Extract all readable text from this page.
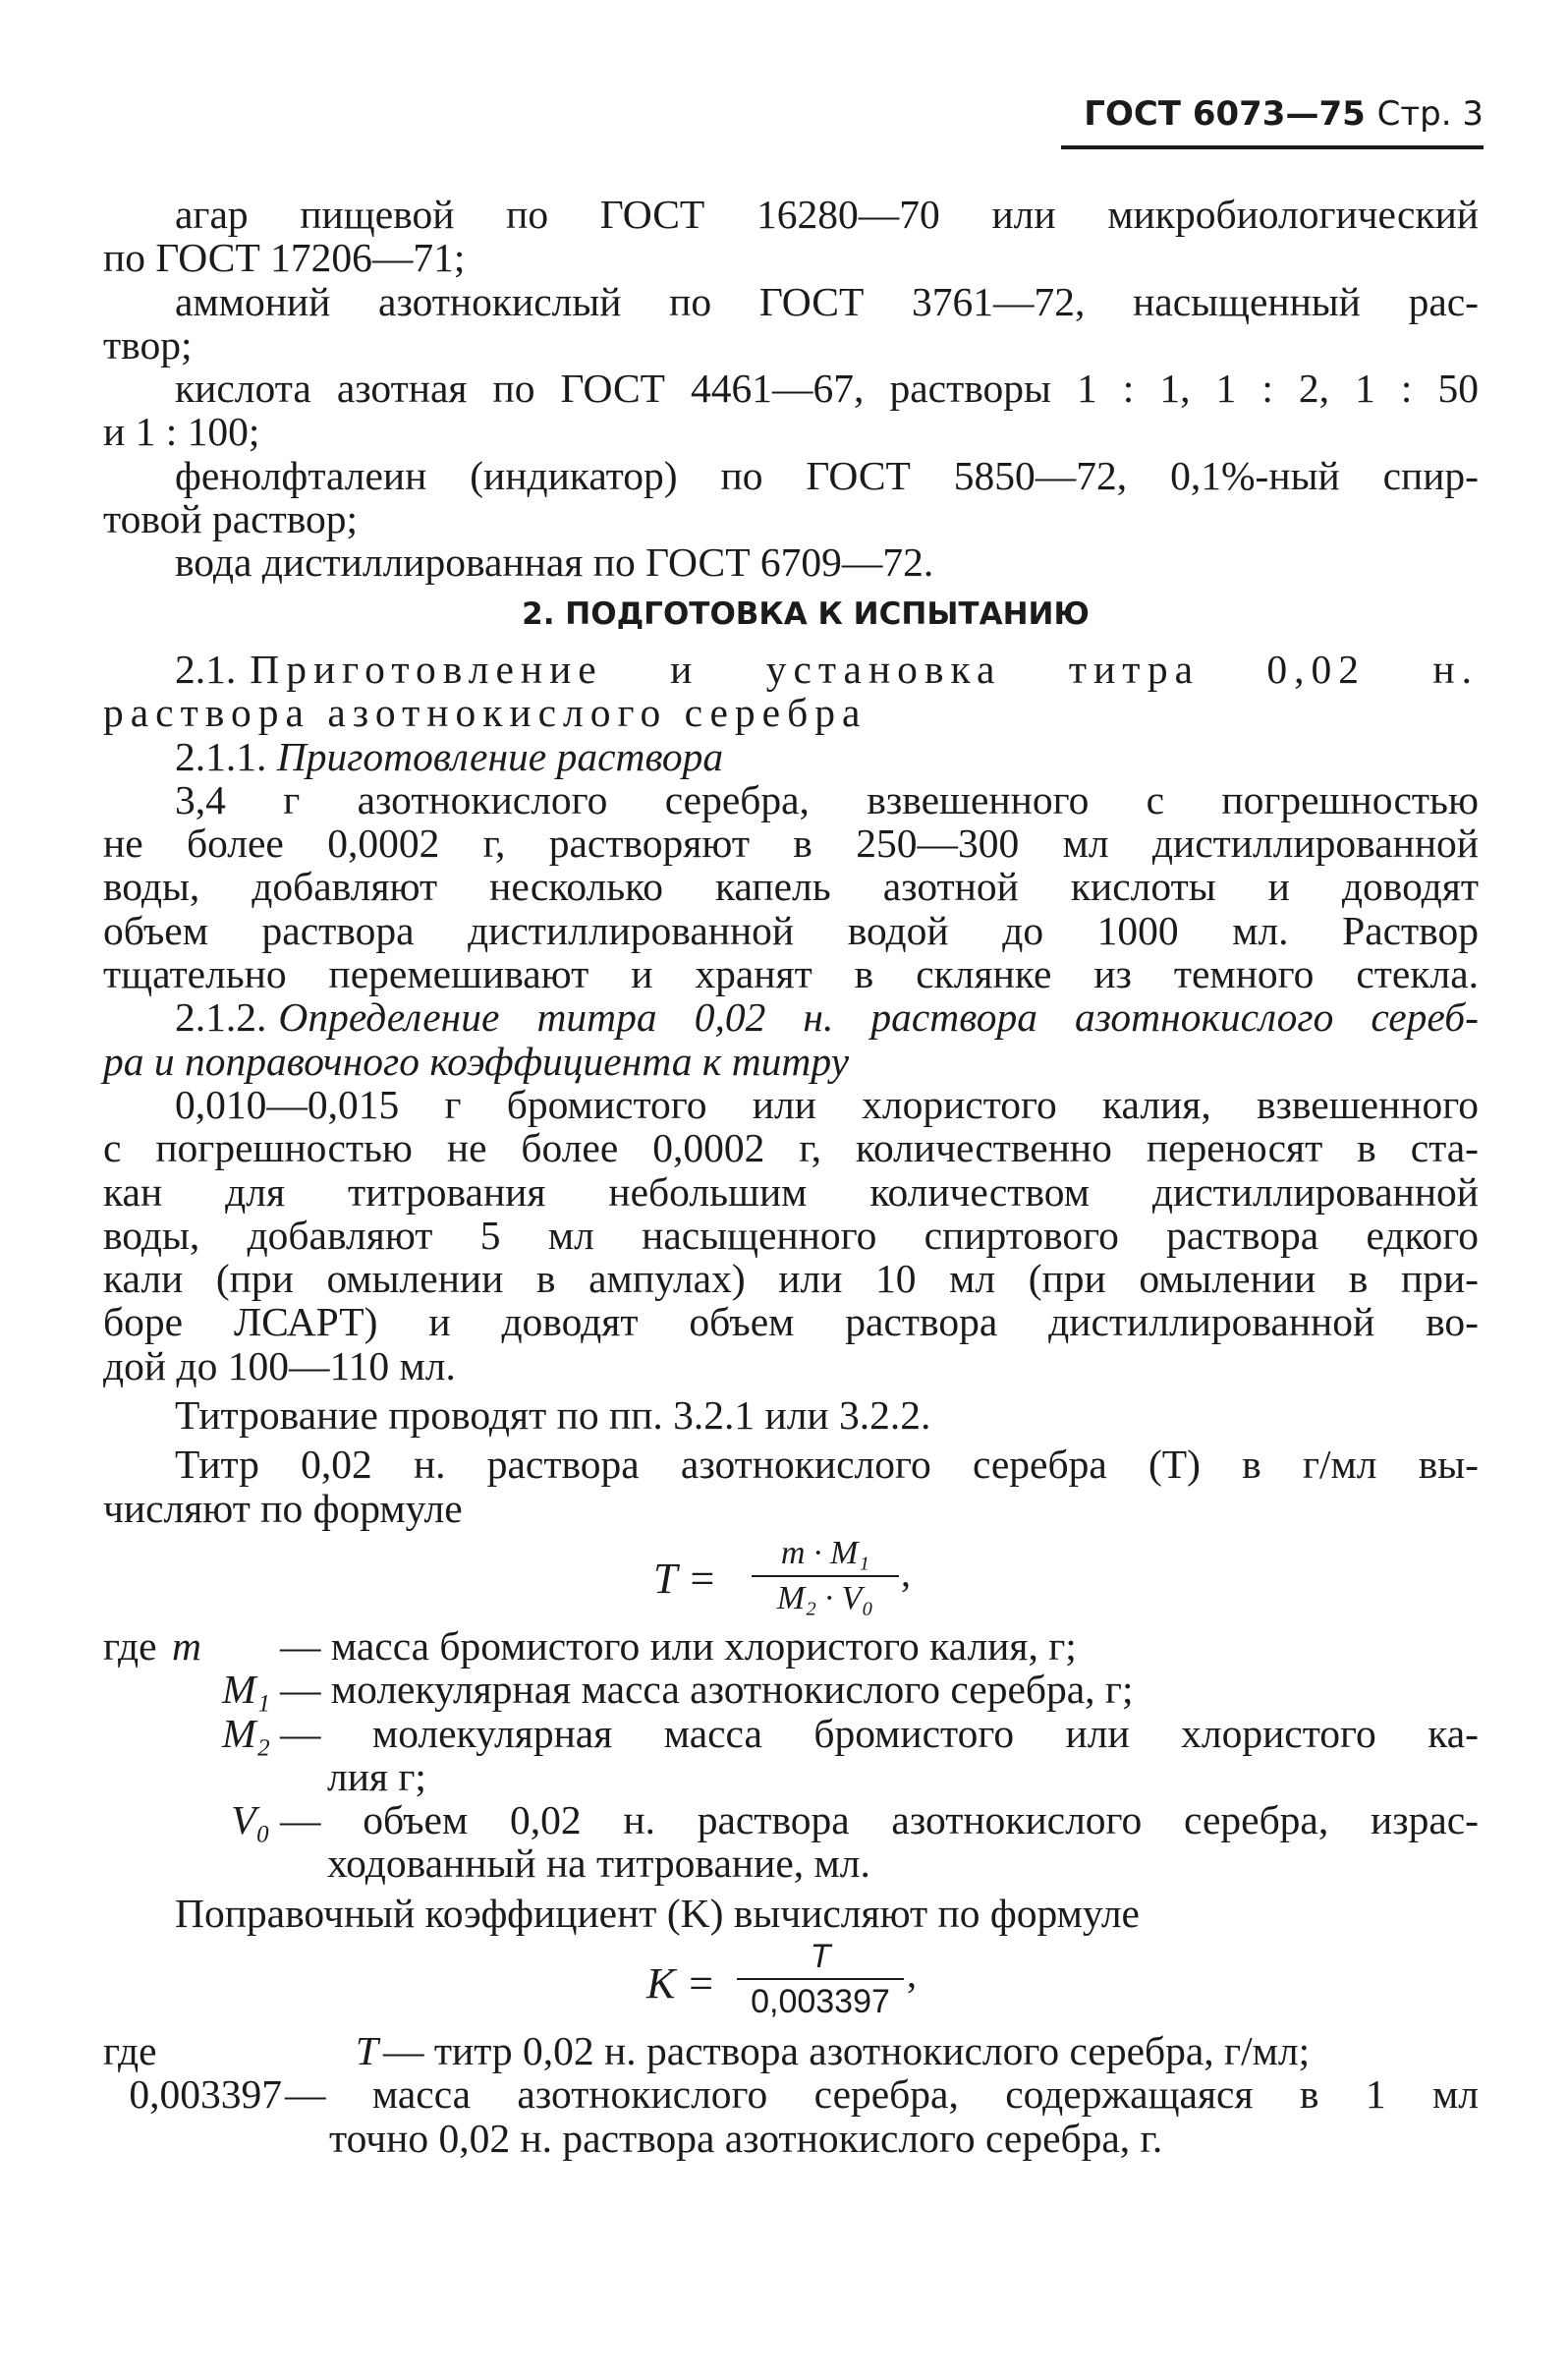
ГОСТ 6073—75 Стр. 3
агар пищевой по ГОСТ 16280—70 или микробиологический
по ГОСТ 17206—71;
аммоний азотнокислый по ГОСТ 3761—72, насыщенный рас-
твор;
кислота азотная по ГОСТ 4461—67, растворы 1 : 1, 1 : 2, 1 : 50
и 1 : 100;
фенолфталеин (индикатор) по ГОСТ 5850—72, 0,1%-ный спир-
товой раствор;
вода дистиллированная по ГОСТ 6709—72.
2. ПОДГОТОВКА К ИСПЫТАНИЮ
2.1. Приготовление и установка титра 0,02 н.
раствора азотнокислого серебра
2.1.1. Приготовление раствора
3,4 г азотнокислого серебра, взвешенного с погрешностью
не более 0,0002 г, растворяют в 250—300 мл дистиллированной
воды, добавляют несколько капель азотной кислоты и доводят
объем раствора дистиллированной водой до 1000 мл. Раствор
тщательно перемешивают и хранят в склянке из темного стекла.
2.1.2. Определение титра 0,02 н. раствора азотнокислого сереб-
ра и поправочного коэффициента к титру
0,010—0,015 г бромистого или хлористого калия, взвешенного
с погрешностью не более 0,0002 г, количественно переносят в ста-
кан для титрования небольшим количеством дистиллированной
воды, добавляют 5 мл насыщенного спиртового раствора едкого
кали (при омылении в ампулах) или 10 мл (при омылении в при-
боре ЛСАРТ) и доводят объем раствора дистиллированной во-
дой до 100—110 мл.
Титрование проводят по пп. 3.2.1 или 3.2.2.
Титр 0,02 н. раствора азотнокислого серебра (T) в г/мл вы-
числяют по формуле
T =
m · M₁
M₂ · V₀
,
где m	— масса бромистого или хлористого калия, г;
M₁ — молекулярная масса азотнокислого серебра, г;
M₂ — молекулярная масса бромистого или хлористого ка-
лия г;
V₀ — объем 0,02 н. раствора азотнокислого серебра, израс-
ходованный на титрование, мл.
Поправочный коэффициент (K) вычисляют по формуле
K =
T
0,003397
,
где	T — титр 0,02 н. раствора азотнокислого серебра, г/мл;
0,003397 — масса азотнокислого серебра, содержащаяся в 1 мл
точно 0,02 н. раствора азотнокислого серебра, г.
